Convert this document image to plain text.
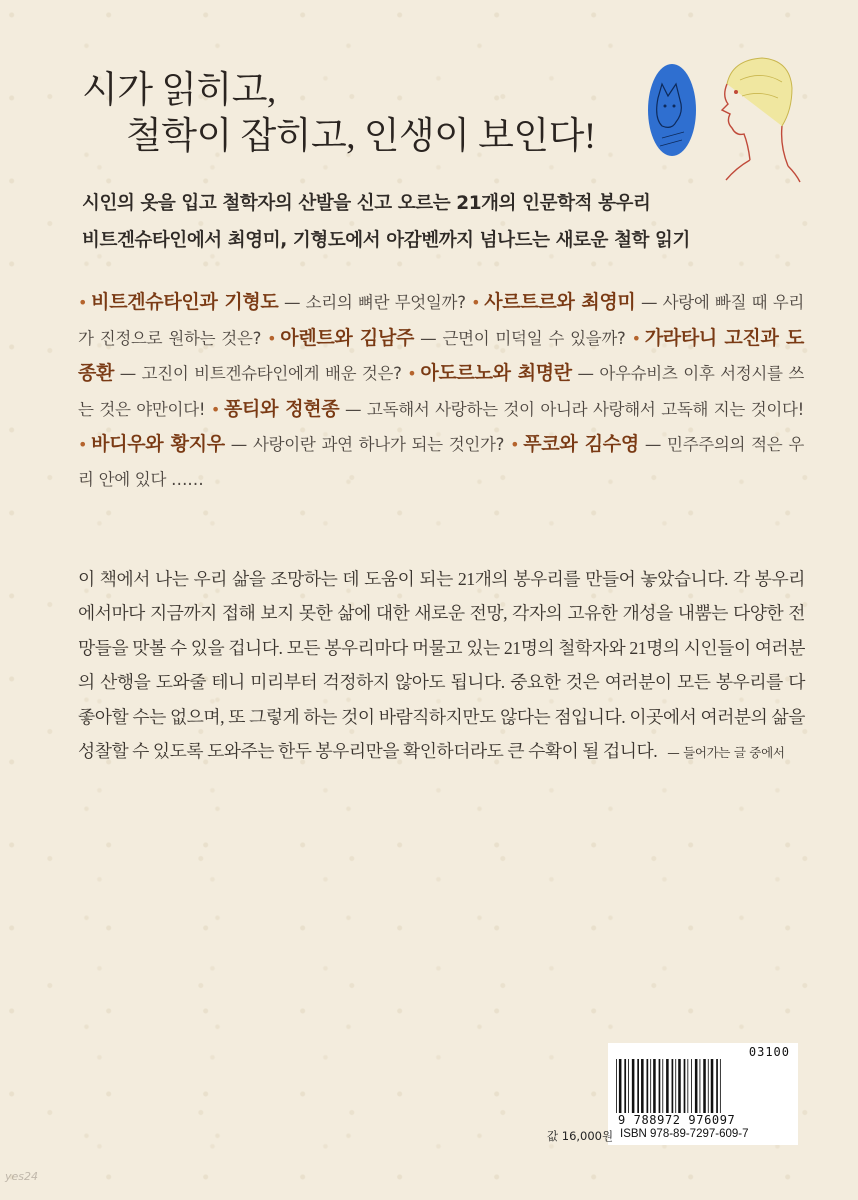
시가 읽히고,
철학이 잡히고, 인생이 보인다!
시인의 옷을 입고 철학자의 산발을 신고 오르는 21개의 인문학적 봉우리
비트겐슈타인에서 최영미, 기형도에서 아감벤까지 넘나드는 새로운 철학 읽기
• 비트겐슈타인과 기형도 — 소리의 뼈란 무엇일까? • 사르트르와 최영미 — 사랑에 빠질 때 우리가 진정으로 원하는 것은? • 아렌트와 김남주 — 근면이 미덕일 수 있을까? • 가라타니 고진과 도종환 — 고진이 비트겐슈타인에게 배운 것은? • 아도르노와 최명란 — 아우슈비츠 이후 서정시를 쓰는 것은 야만이다! • 퐁티와 정현종 — 고독해서 사랑하는 것이 아니라 사랑해서 고독해 지는 것이다! • 바디우와 황지우 — 사랑이란 과연 하나가 되는 것인가? • 푸코와 김수영 — 민주주의의 적은 우리 안에 있다 ……
이 책에서 나는 우리 삶을 조망하는 데 도움이 되는 21개의 봉우리를 만들어 놓았습니다. 각 봉우리에서마다 지금까지 접해 보지 못한 삶에 대한 새로운 전망, 각자의 고유한 개성을 내뿜는 다양한 전망들을 맛볼 수 있을 겁니다. 모든 봉우리마다 머물고 있는 21명의 철학자와 21명의 시인들이 여러분의 산행을 도와줄 테니 미리부터 걱정하지 않아도 됩니다. 중요한 것은 여러분이 모든 봉우리를 다 좋아할 수는 없으며, 또 그렇게 하는 것이 바람직하지만도 않다는 점입니다. 이곳에서 여러분의 삶을 성찰할 수 있도록 도와주는 한두 봉우리만을 확인하더라도 큰 수확이 될 겁니다. — 들어가는 글 중에서
03100
9 788972 976097
ISBN 978-89-7297-609-7
값 16,000원
yes24
